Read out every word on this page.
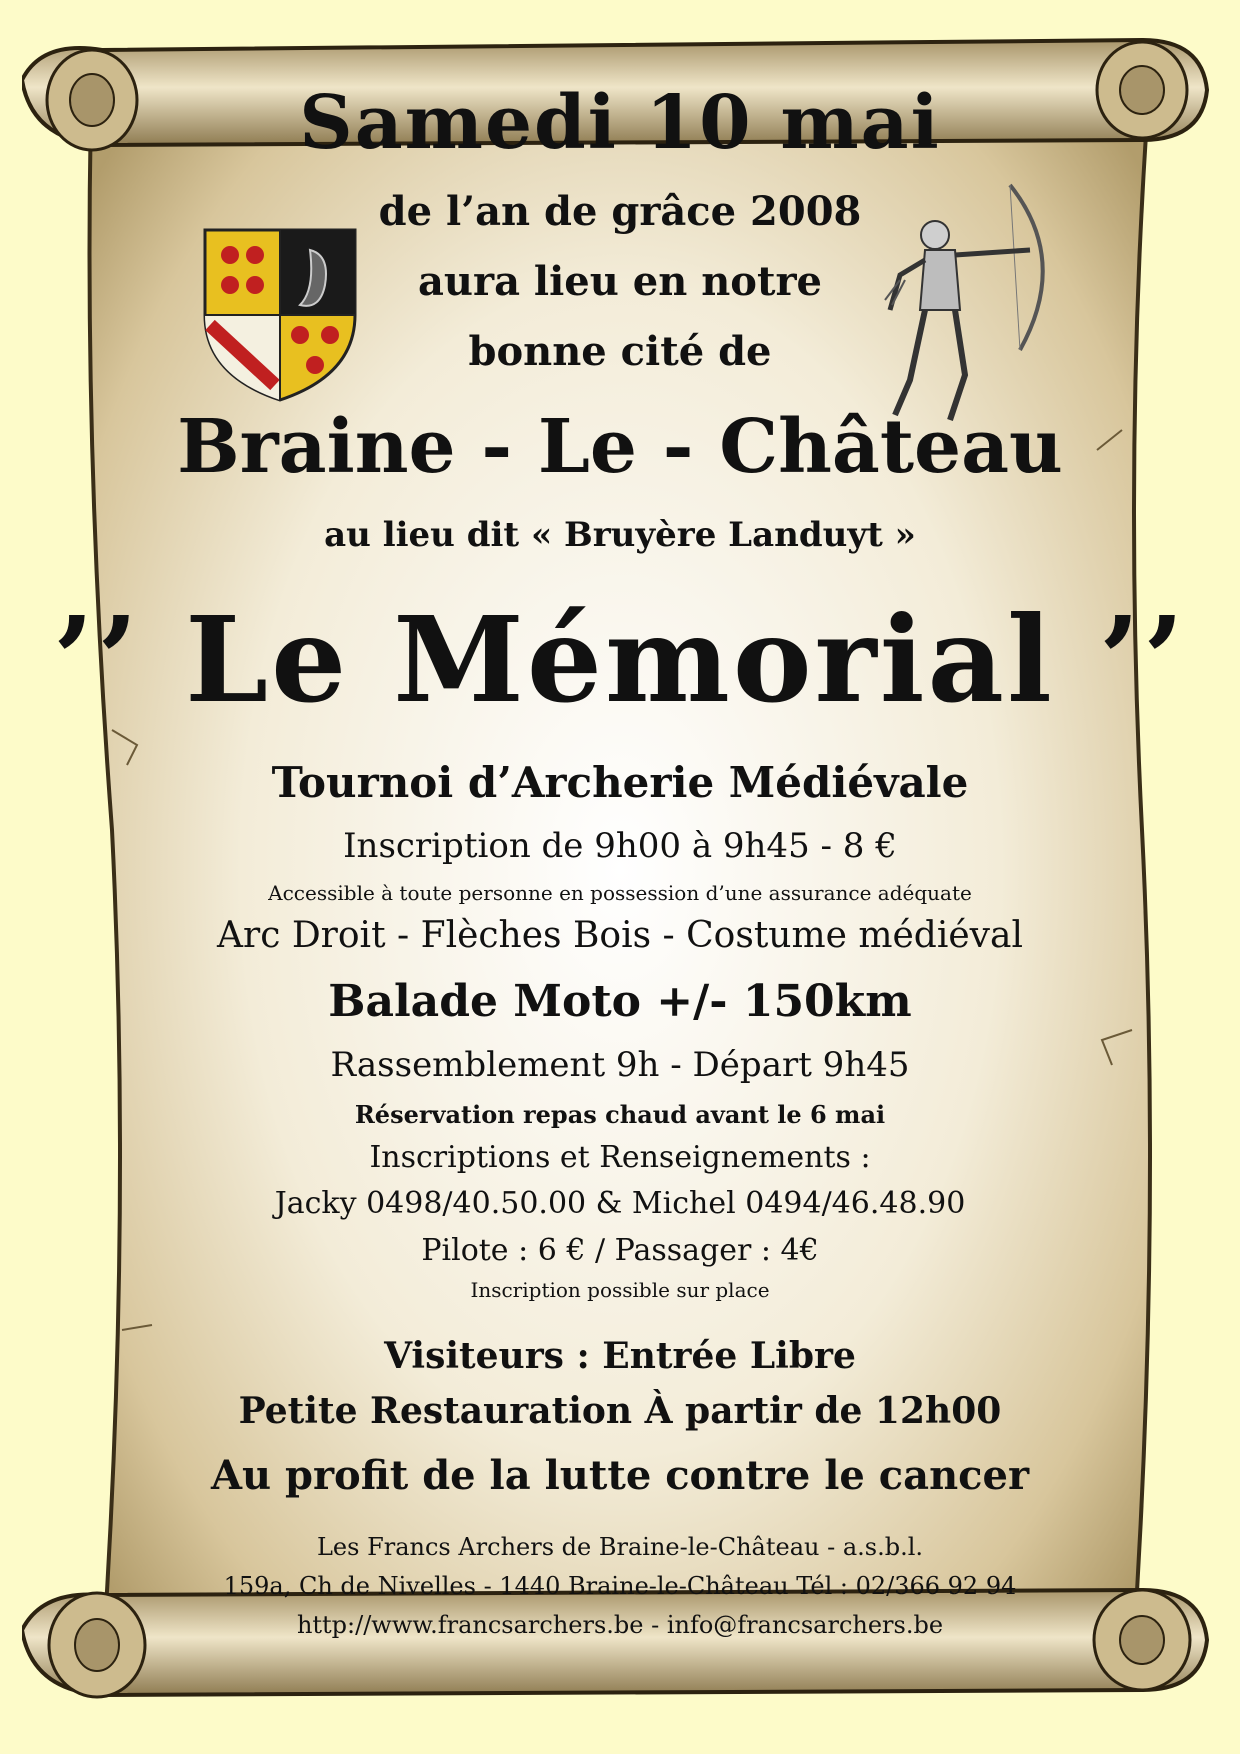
Samedi 10 mai
de l’an de grâce 2008
aura lieu en notre
bonne cité de
Braine - Le - Château
au lieu dit « Bruyère Landuyt »
’’ Le Mémorial ’’
Tournoi d’Archerie Médiévale
Inscription de 9h00 à 9h45 - 8 €
Accessible à toute personne en possession d’une assurance adéquate
Arc Droit - Flèches Bois - Costume médiéval
Balade Moto +/- 150km
Rassemblement 9h - Départ 9h45
Réservation repas chaud avant le 6 mai
Inscriptions et Renseignements :
Jacky 0498/40.50.00 & Michel 0494/46.48.90
Pilote : 6 € / Passager : 4€
Inscription possible sur place
Visiteurs : Entrée Libre
Petite Restauration À partir de 12h00
Au profit de la lutte contre le cancer
Les Francs Archers de Braine-le-Château - a.s.b.l.
159a, Ch de Nivelles - 1440 Braine-le-Château Tél : 02/366 92 94
http://www.francsarchers.be - info@francsarchers.be
